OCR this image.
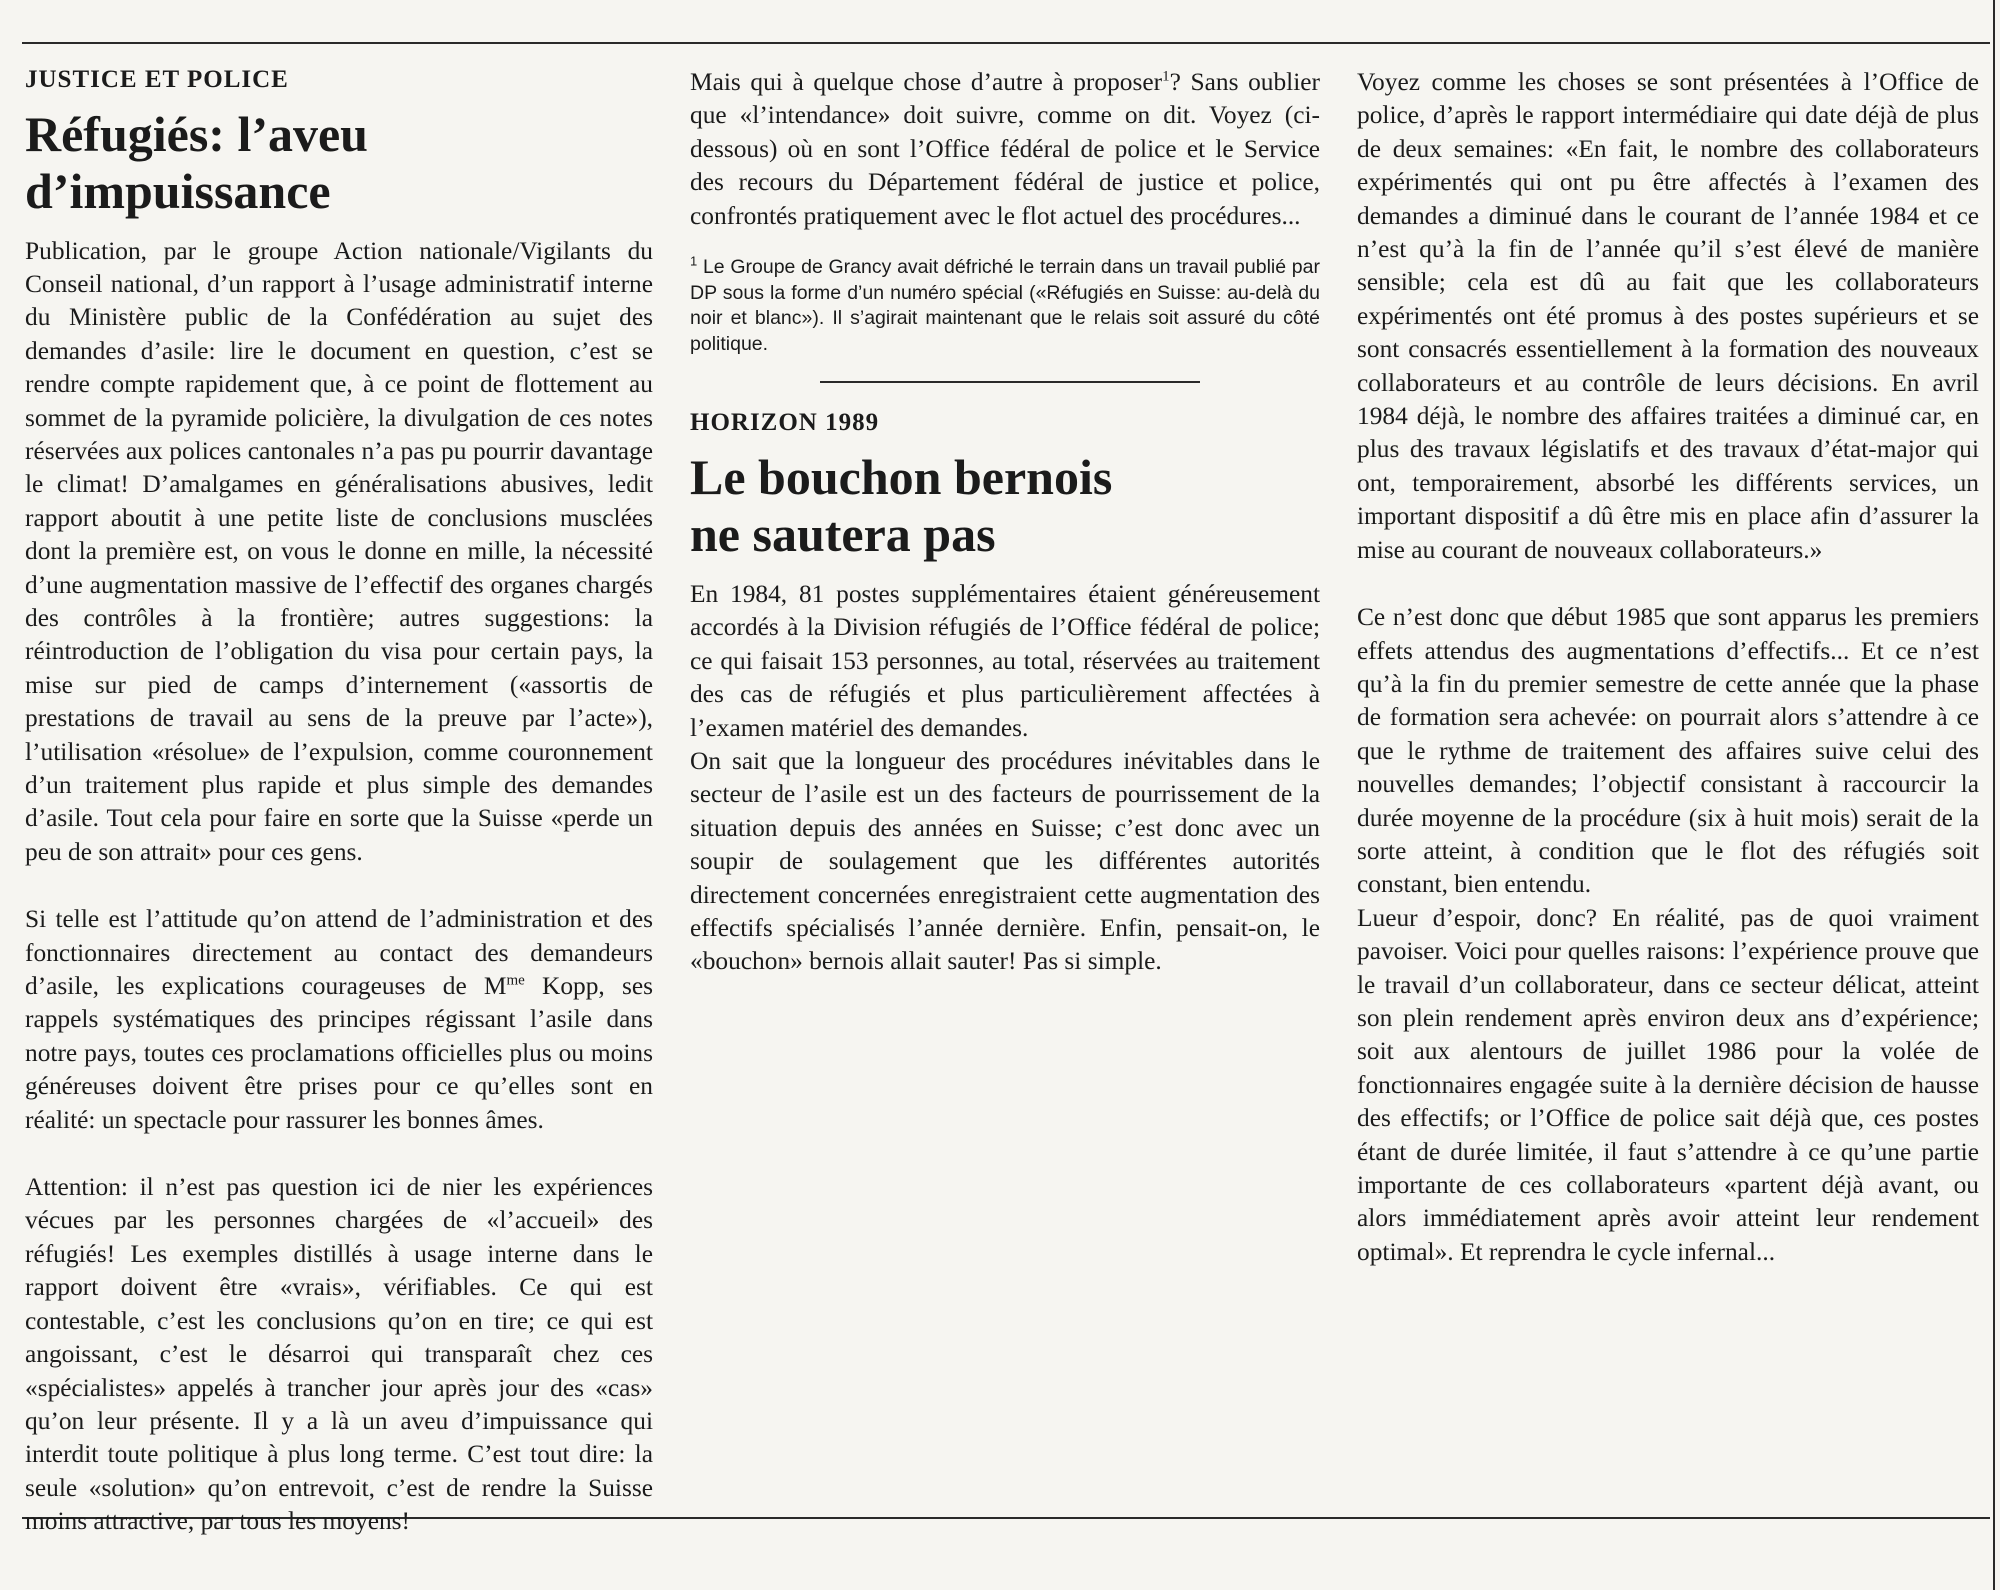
JUSTICE ET POLICE
Réfugiés: l’aveu
d’impuissance

Publication, par le groupe Action nationale/Vigilants du Conseil national, d’un rapport à l’usage administratif interne du Ministère public de la Confédération au sujet des demandes d’asile: lire le document en question, c’est se rendre compte rapidement que, à ce point de flottement au sommet de la pyramide policière, la divulgation de ces notes réservées aux polices cantonales n’a pas pu pourrir davantage le climat! D’amalgames en généralisations abusives, ledit rapport aboutit à une petite liste de conclusions musclées dont la première est, on vous le donne en mille, la nécessité d’une augmentation massive de l’effectif des organes chargés des contrôles à la frontière; autres suggestions: la réintroduction de l’obligation du visa pour certain pays, la mise sur pied de camps d’internement («assortis de prestations de travail au sens de la preuve par l’acte»), l’utilisation «résolue» de l’expulsion, comme couronnement d’un traitement plus rapide et plus simple des demandes d’asile. Tout cela pour faire en sorte que la Suisse «perde un peu de son attrait» pour ces gens.

Si telle est l’attitude qu’on attend de l’administration et des fonctionnaires directement au contact des demandeurs d’asile, les explications courageuses de $M^{me}$ Kopp, ses rappels systématiques des principes régissant l’asile dans notre pays, toutes ces proclamations officielles plus ou moins généreuses doivent être prises pour ce qu’elles sont en réalité: un spectacle pour rassurer les bonnes âmes.

Attention: il n’est pas question ici de nier les expériences vécues par les personnes chargées de «l’accueil» des réfugiés! Les exemples distillés à usage interne dans le rapport doivent être «vrais», vérifiables. Ce qui est contestable, c’est les conclusions qu’on en tire; ce qui est angoissant, c’est le désarroi qui transparaît chez ces «spécialistes» appelés à trancher jour après jour des «cas» qu’on leur présente. Il y a là un aveu d’impuissance qui interdit toute politique à plus long terme. C’est tout dire: la seule «solution» qu’on entrevoit, c’est de rendre la Suisse moins attractive, par tous les moyens!

Mais qui à quelque chose d’autre à proposer$^1$? Sans oublier que «l’intendance» doit suivre, comme on dit. Voyez (ci-dessous) où en sont l’Office fédéral de police et le Service des recours du Département fédéral de justice et police, confrontés pratiquement avec le flot actuel des procédures...

$^1$ Le Groupe de Grancy avait défriché le terrain dans un travail publié par DP sous la forme d’un numéro spécial («Réfugiés en Suisse: au-delà du noir et blanc»). Il s’agirait maintenant que le relais soit assuré du côté politique.

HORIZON 1989
Le bouchon bernois
ne sautera pas

En 1984, 81 postes supplémentaires étaient généreusement accordés à la Division réfugiés de l’Office fédéral de police; ce qui faisait 153 personnes, au total, réservées au traitement des cas de réfugiés et plus particulièrement affectées à l’examen matériel des demandes.

On sait que la longueur des procédures inévitables dans le secteur de l’asile est un des facteurs de pourrissement de la situation depuis des années en Suisse; c’est donc avec un soupir de soulagement que les différentes autorités directement concernées enregistraient cette augmentation des effectifs spécialisés l’année dernière. Enfin, pensait-on, le «bouchon» bernois allait sauter! Pas si simple.

Voyez comme les choses se sont présentées à l’Office de police, d’après le rapport intermédiaire qui date déjà de plus de deux semaines: «En fait, le nombre des collaborateurs expérimentés qui ont pu être affectés à l’examen des demandes a diminué dans le courant de l’année 1984 et ce n’est qu’à la fin de l’année qu’il s’est élevé de manière sensible; cela est dû au fait que les collaborateurs expérimentés ont été promus à des postes supérieurs et se sont consacrés essentiellement à la formation des nouveaux collaborateurs et au contrôle de leurs décisions. En avril 1984 déjà, le nombre des affaires traitées a diminué car, en plus des travaux législatifs et des travaux d’état-major qui ont, temporairement, absorbé les différents services, un important dispositif a dû être mis en place afin d’assurer la mise au courant de nouveaux collaborateurs.»

Ce n’est donc que début 1985 que sont apparus les premiers effets attendus des augmentations d’effectifs... Et ce n’est qu’à la fin du premier semestre de cette année que la phase de formation sera achevée: on pourrait alors s’attendre à ce que le rythme de traitement des affaires suive celui des nouvelles demandes; l’objectif consistant à raccourcir la durée moyenne de la procédure (six à huit mois) serait de la sorte atteint, à condition que le flot des réfugiés soit constant, bien entendu.

Lueur d’espoir, donc? En réalité, pas de quoi vraiment pavoiser. Voici pour quelles raisons: l’expérience prouve que le travail d’un collaborateur, dans ce secteur délicat, atteint son plein rendement après environ deux ans d’expérience; soit aux alentours de juillet 1986 pour la volée de fonctionnaires engagée suite à la dernière décision de hausse des effectifs; or l’Office de police sait déjà que, ces postes étant de durée limitée, il faut s’attendre à ce qu’une partie importante de ces collaborateurs «partent déjà avant, ou alors immédiatement après avoir atteint leur rendement optimal». Et reprendra le cycle infernal...
